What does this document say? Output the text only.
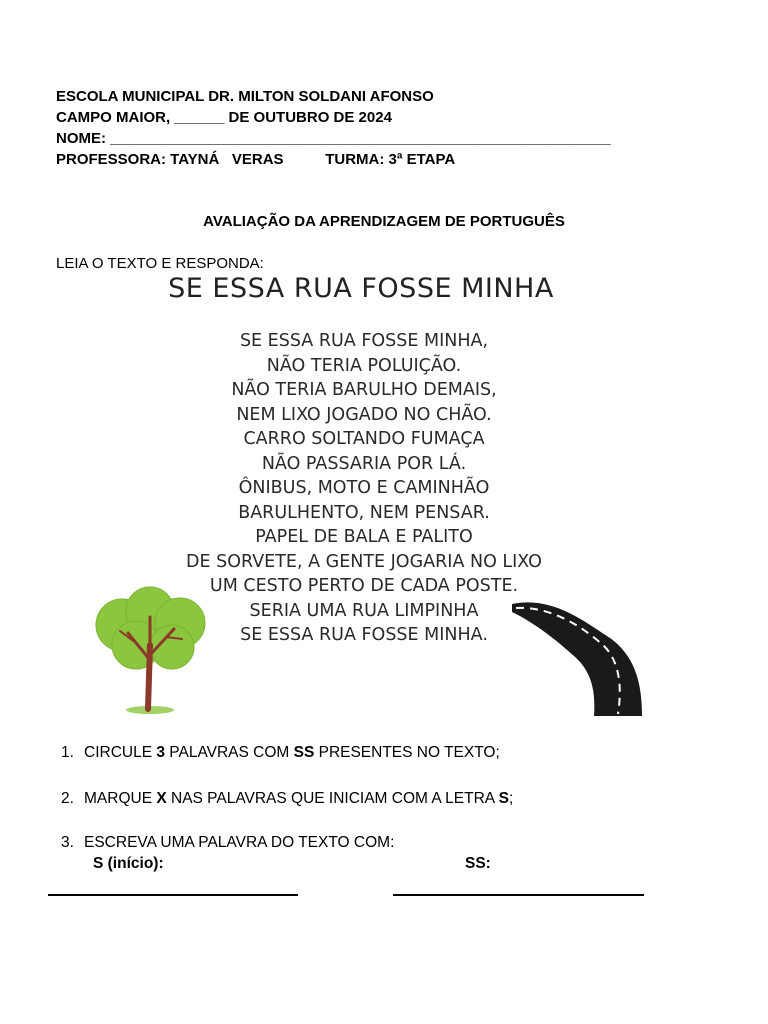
ESCOLA MUNICIPAL DR. MILTON SOLDANI AFONSO
CAMPO MAIOR, ______ DE OUTUBRO DE 2024
NOME: ____________________________________________________________
PROFESSORA: TAYNÁ   VERAS          TURMA: 3ª ETAPA
AVALIAÇÃO DA APRENDIZAGEM DE PORTUGUÊS
LEIA O TEXTO E RESPONDA:
SE ESSA RUA FOSSE MINHA
SE ESSA RUA FOSSE MINHA,
NÃO TERIA POLUIÇÃO.
NÃO TERIA BARULHO DEMAIS,
NEM LIXO JOGADO NO CHÃO.
CARRO SOLTANDO FUMAÇA
NÃO PASSARIA POR LÁ.
ÔNIBUS, MOTO E CAMINHÃO
BARULHENTO, NEM PENSAR.
PAPEL DE BALA E PALITO
DE SORVETE, A GENTE JOGARIA NO LIXO
UM CESTO PERTO DE CADA POSTE.
SERIA UMA RUA LIMPINHA
SE ESSA RUA FOSSE MINHA.
1. CIRCULE 3 PALAVRAS COM SS PRESENTES NO TEXTO;
2. MARQUE X NAS PALAVRAS QUE INICIAM COM A LETRA S;
3. ESCREVA UMA PALAVRA DO TEXTO COM:
S (início):	SS:
